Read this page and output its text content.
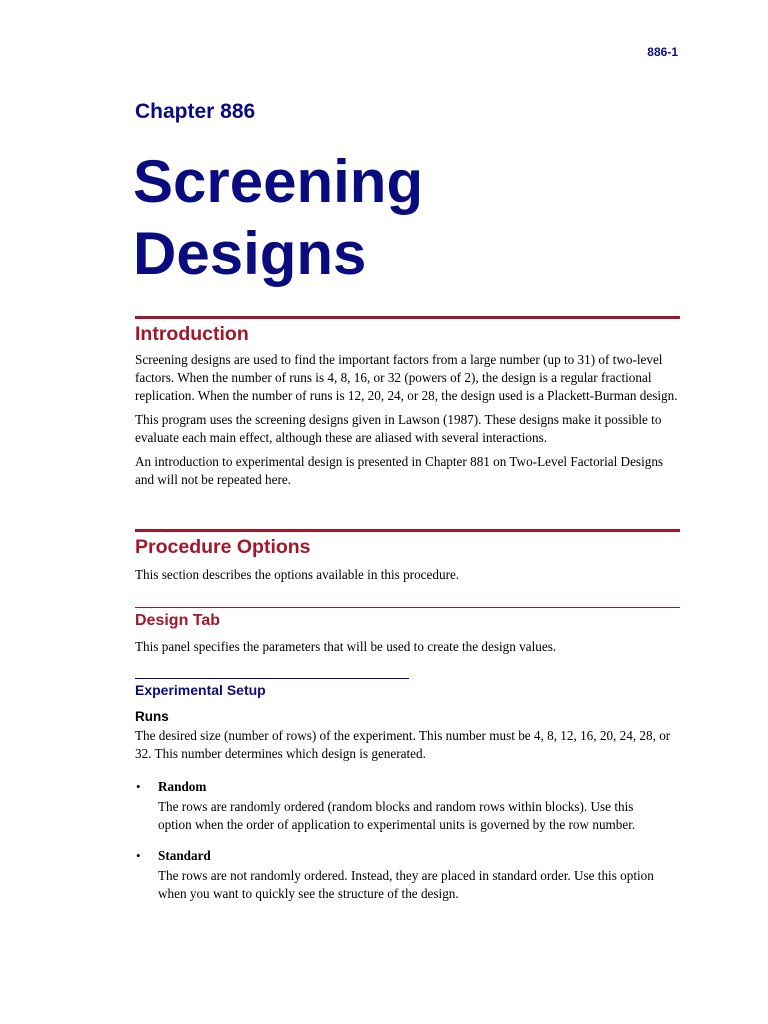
886-1
Chapter 886
Screening
Designs
Introduction

Screening designs are used to find the important factors from a large number (up to 31) of two-level factors. When the number of runs is 4, 8, 16, or 32 (powers of 2), the design is a regular fractional replication. When the number of runs is 12, 20, 24, or 28, the design used is a Plackett-Burman design.

This program uses the screening designs given in Lawson (1987). These designs make it possible to evaluate each main effect, although these are aliased with several interactions.

An introduction to experimental design is presented in Chapter 881 on Two-Level Factorial Designs and will not be repeated here.

Procedure Options

This section describes the options available in this procedure.

Design Tab

This panel specifies the parameters that will be used to create the design values.

Experimental Setup
Runs

The desired size (number of rows) of the experiment. This number must be 4, 8, 12, 16, 20, 24, 28, or 32. This number determines which design is generated.

• Random

The rows are randomly ordered (random blocks and random rows within blocks). Use this option when the order of application to experimental units is governed by the row number.

• Standard

The rows are not randomly ordered. Instead, they are placed in standard order. Use this option when you want to quickly see the structure of the design.
